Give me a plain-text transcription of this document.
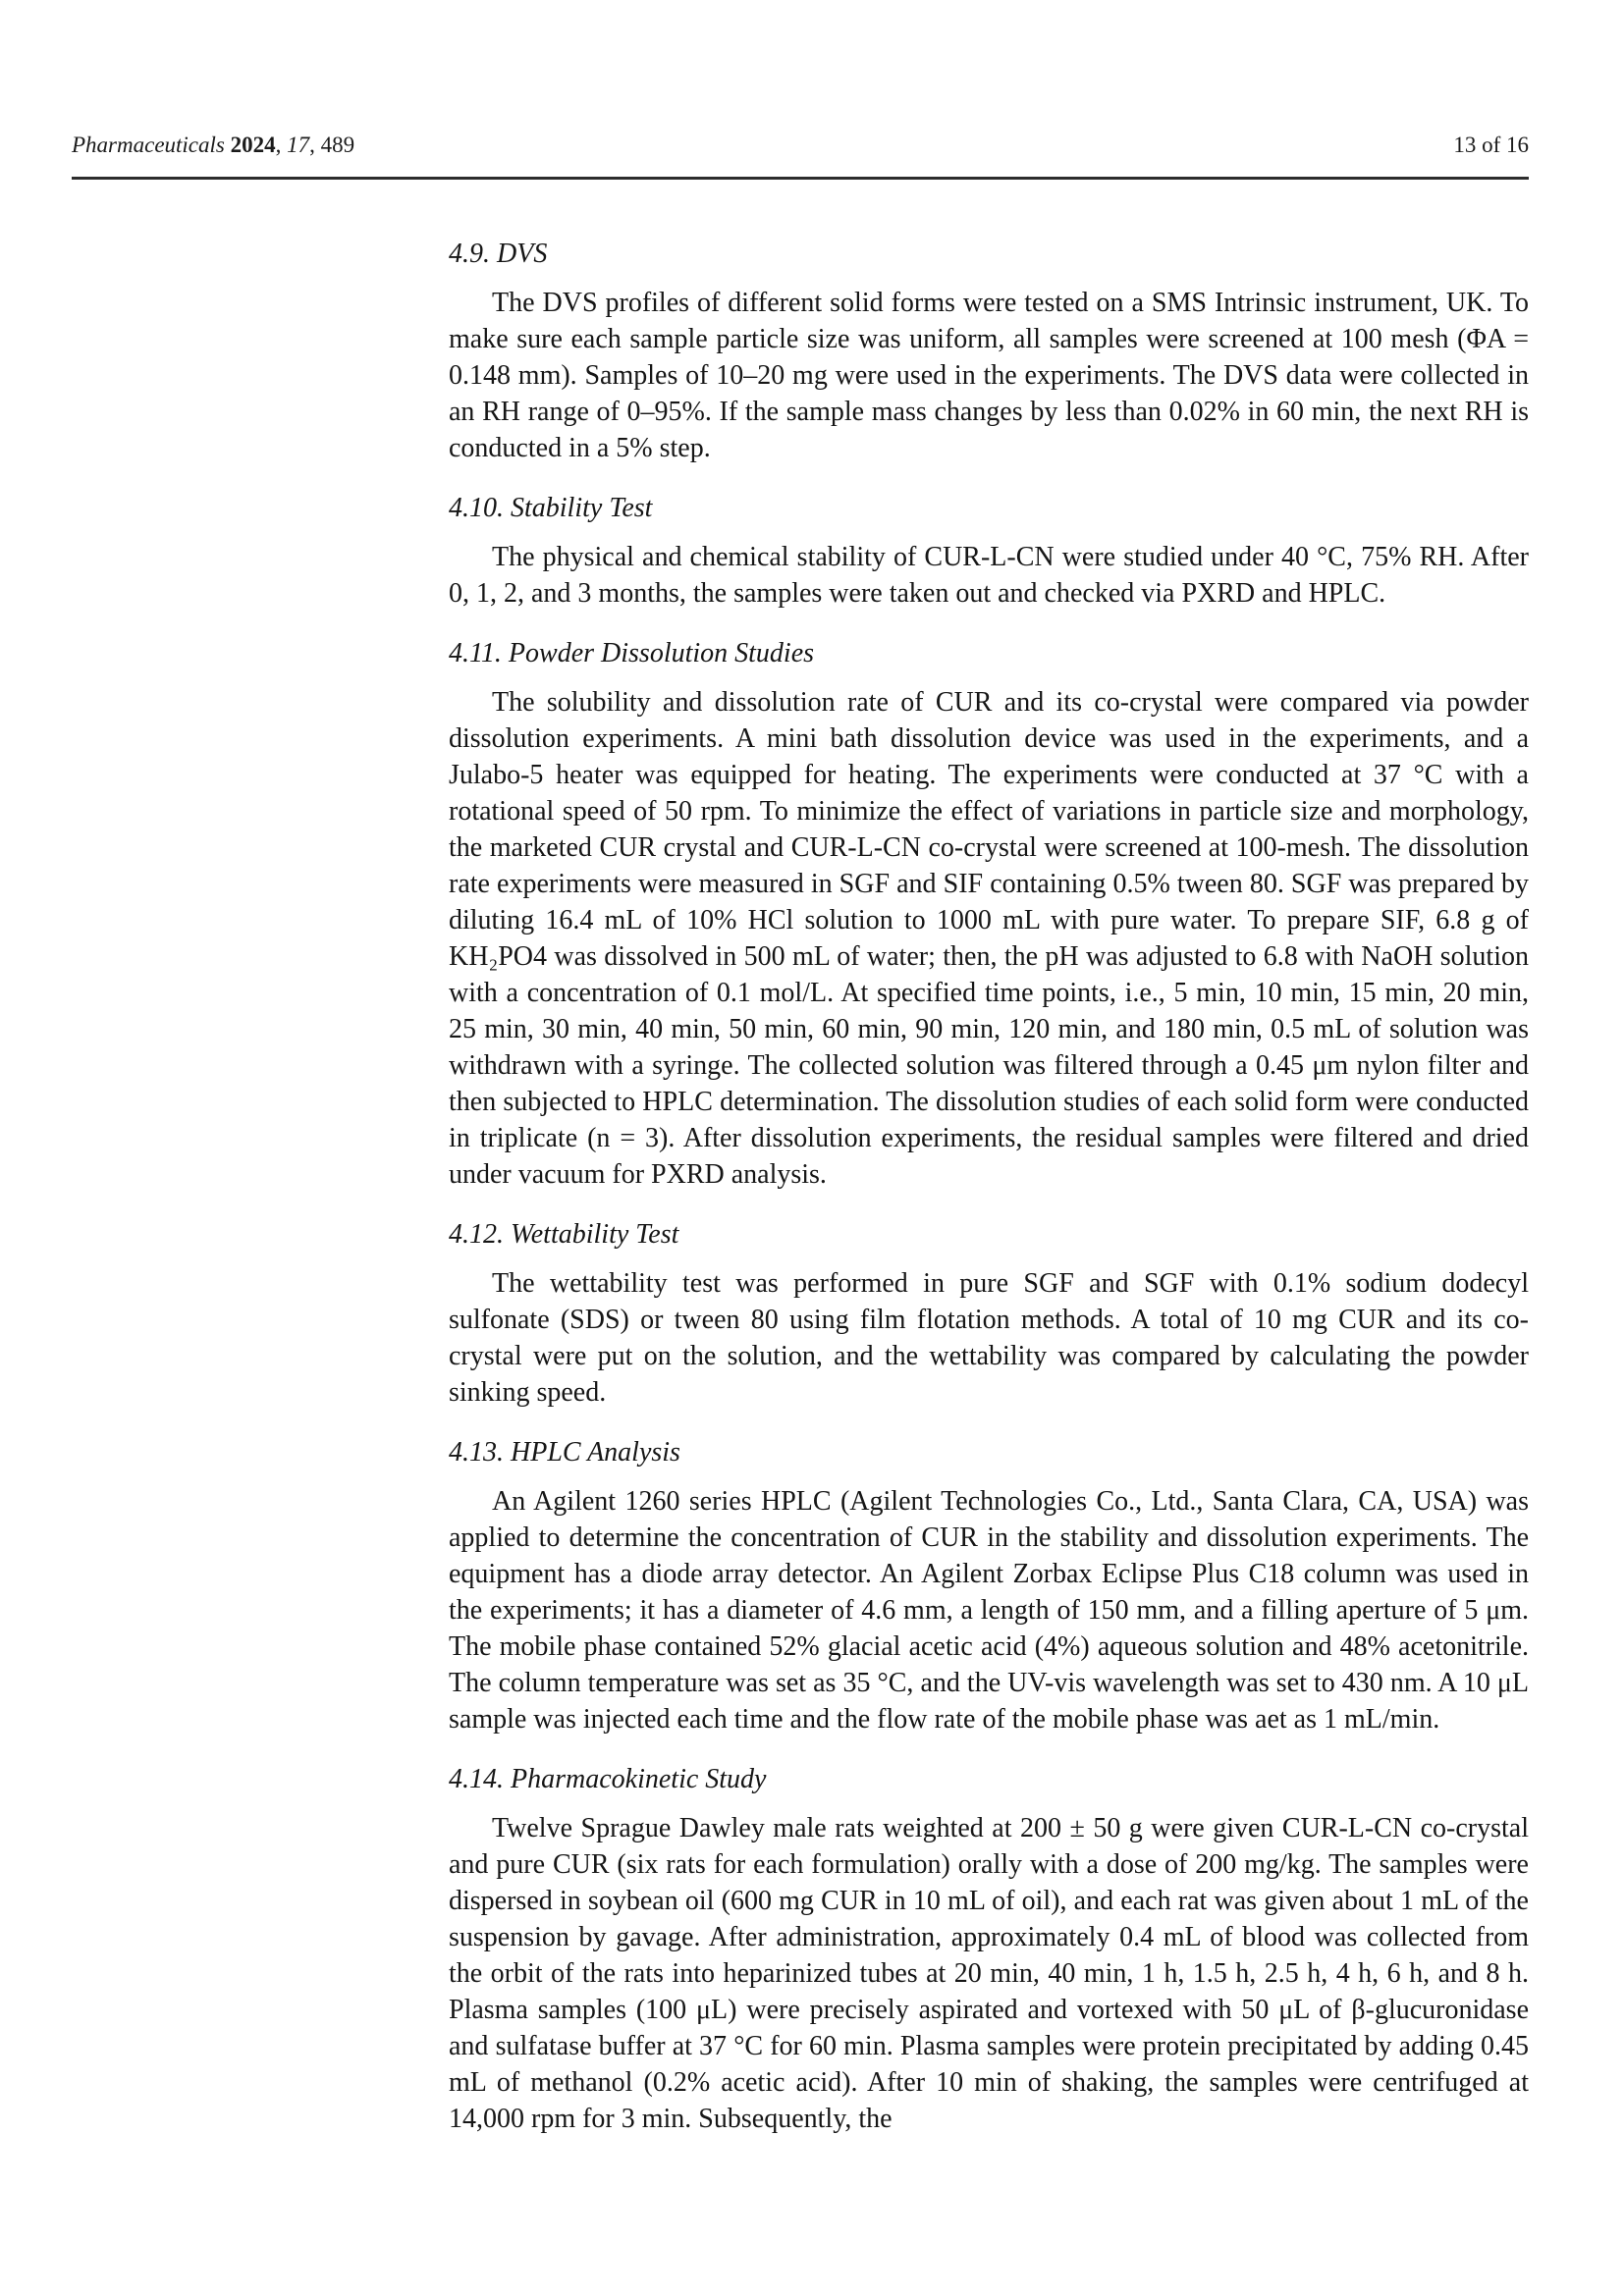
Pharmaceuticals 2024, 17, 489	13 of 16
4.9. DVS

The DVS profiles of different solid forms were tested on a SMS Intrinsic instrument, UK. To make sure each sample particle size was uniform, all samples were screened at 100 mesh (ΦA = 0.148 mm). Samples of 10–20 mg were used in the experiments. The DVS data were collected in an RH range of 0–95%. If the sample mass changes by less than 0.02% in 60 min, the next RH is conducted in a 5% step.

4.10. Stability Test

The physical and chemical stability of CUR-L-CN were studied under 40 °C, 75% RH. After 0, 1, 2, and 3 months, the samples were taken out and checked via PXRD and HPLC.

4.11. Powder Dissolution Studies

The solubility and dissolution rate of CUR and its co-crystal were compared via powder dissolution experiments. A mini bath dissolution device was used in the experiments, and a Julabo-5 heater was equipped for heating. The experiments were conducted at 37 °C with a rotational speed of 50 rpm. To minimize the effect of variations in particle size and morphology, the marketed CUR crystal and CUR-L-CN co-crystal were screened at 100-mesh. The dissolution rate experiments were measured in SGF and SIF containing 0.5% tween 80. SGF was prepared by diluting 16.4 mL of 10% HCl solution to 1000 mL with pure water. To prepare SIF, 6.8 g of KH₂PO4 was dissolved in 500 mL of water; then, the pH was adjusted to 6.8 with NaOH solution with a concentration of 0.1 mol/L. At specified time points, i.e., 5 min, 10 min, 15 min, 20 min, 25 min, 30 min, 40 min, 50 min, 60 min, 90 min, 120 min, and 180 min, 0.5 mL of solution was withdrawn with a syringe. The collected solution was filtered through a 0.45 μm nylon filter and then subjected to HPLC determination. The dissolution studies of each solid form were conducted in triplicate (n = 3). After dissolution experiments, the residual samples were filtered and dried under vacuum for PXRD analysis.

4.12. Wettability Test

The wettability test was performed in pure SGF and SGF with 0.1% sodium dodecyl sulfonate (SDS) or tween 80 using film flotation methods. A total of 10 mg CUR and its co-crystal were put on the solution, and the wettability was compared by calculating the powder sinking speed.

4.13. HPLC Analysis

An Agilent 1260 series HPLC (Agilent Technologies Co., Ltd., Santa Clara, CA, USA) was applied to determine the concentration of CUR in the stability and dissolution experiments. The equipment has a diode array detector. An Agilent Zorbax Eclipse Plus C18 column was used in the experiments; it has a diameter of 4.6 mm, a length of 150 mm, and a filling aperture of 5 μm. The mobile phase contained 52% glacial acetic acid (4%) aqueous solution and 48% acetonitrile. The column temperature was set as 35 °C, and the UV-vis wavelength was set to 430 nm. A 10 μL sample was injected each time and the flow rate of the mobile phase was aet as 1 mL/min.

4.14. Pharmacokinetic Study

Twelve Sprague Dawley male rats weighted at 200 ± 50 g were given CUR-L-CN co-crystal and pure CUR (six rats for each formulation) orally with a dose of 200 mg/kg. The samples were dispersed in soybean oil (600 mg CUR in 10 mL of oil), and each rat was given about 1 mL of the suspension by gavage. After administration, approximately 0.4 mL of blood was collected from the orbit of the rats into heparinized tubes at 20 min, 40 min, 1 h, 1.5 h, 2.5 h, 4 h, 6 h, and 8 h. Plasma samples (100 μL) were precisely aspirated and vortexed with 50 μL of β-glucuronidase and sulfatase buffer at 37 °C for 60 min. Plasma samples were protein precipitated by adding 0.45 mL of methanol (0.2% acetic acid). After 10 min of shaking, the samples were centrifuged at 14,000 rpm for 3 min. Subsequently, the
